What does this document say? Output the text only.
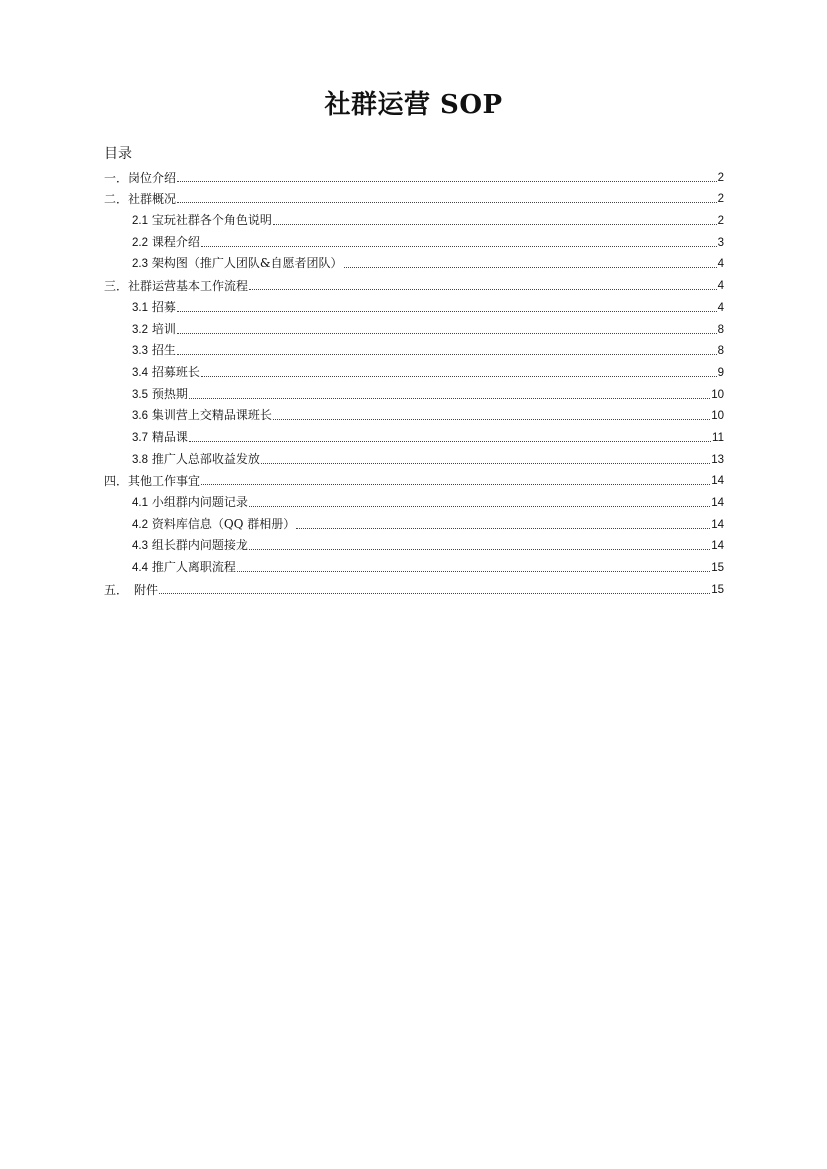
社群运营 SOP
目录
一．岗位介绍	2
二．社群概况	2
2.1 宝玩社群各个角色说明	2
2.2 课程介绍	3
2.3 架构图（推广人团队&自愿者团队）	4
三．社群运营基本工作流程	4
3.1 招募	4
3.2 培训	8
3.3 招生	8
3.4 招募班长	9
3.5 预热期	10
3.6 集训营上交精品课班长	10
3.7 精品课	11
3.8 推广人总部收益发放	13
四．其他工作事宜	14
4.1 小组群内问题记录	14
4.2 资料库信息（QQ 群相册）	14
4.3 组长群内问题接龙	14
4.4 推广人离职流程	15
五．　附件	15
